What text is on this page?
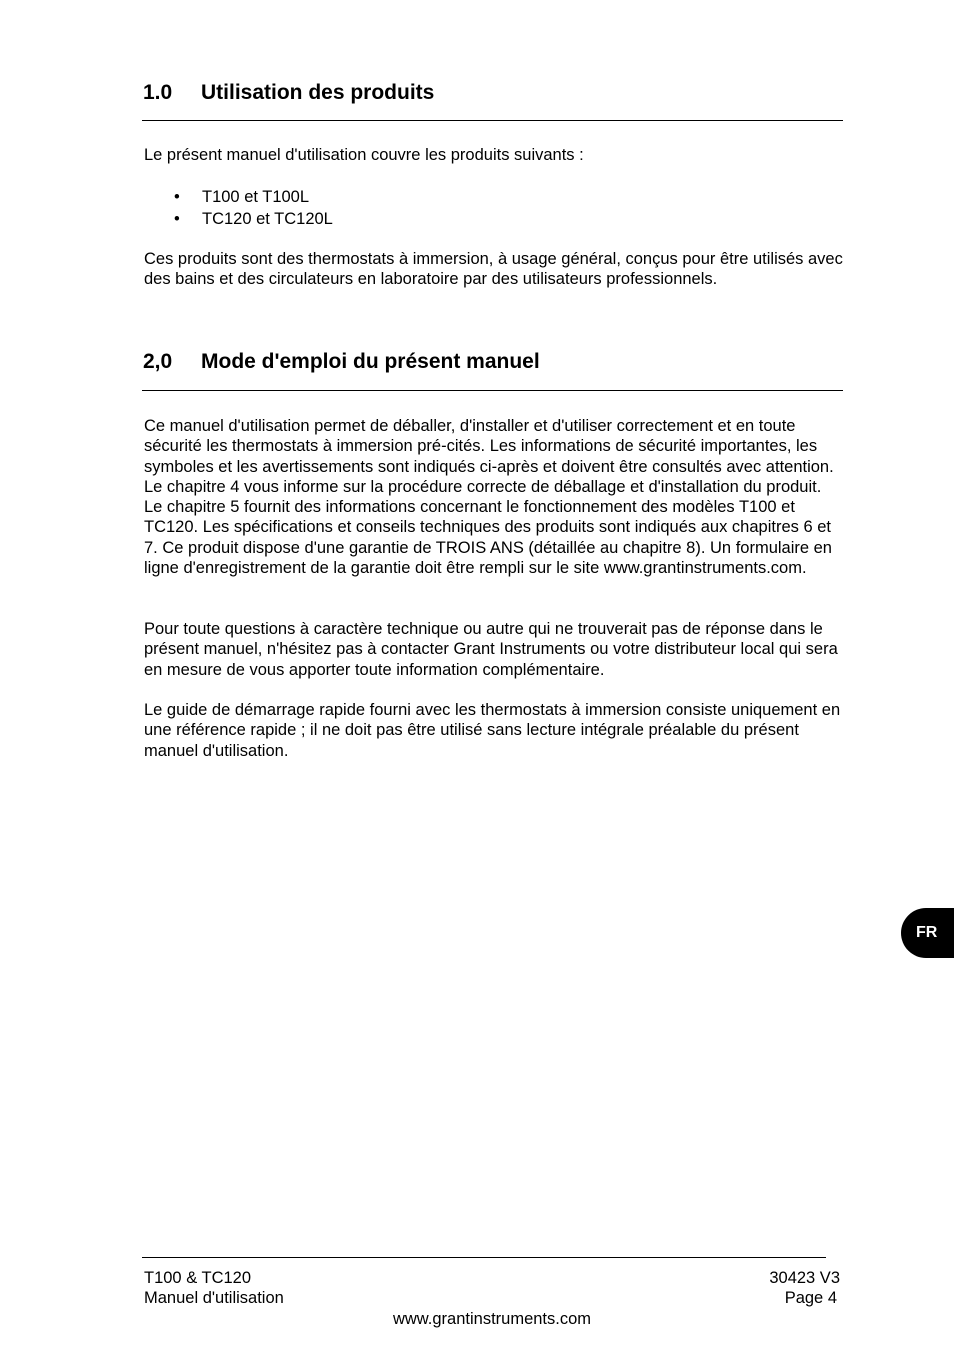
1.0 Utilisation des produits

Le présent manuel d'utilisation couvre les produits suivants :

• T100 et T100L
• TC120 et TC120L

Ces produits sont des thermostats à immersion, à usage général, conçus pour être utilisés avec des bains et des circulateurs en laboratoire par des utilisateurs professionnels.

2,0 Mode d'emploi du présent manuel

Ce manuel d'utilisation permet de déballer, d'installer et d'utiliser correctement et en toute sécurité les thermostats à immersion pré-cités. Les informations de sécurité importantes, les symboles et les avertissements sont indiqués ci-après et doivent être consultés avec attention. Le chapitre 4 vous informe sur la procédure correcte de déballage et d'installation du produit. Le chapitre 5 fournit des informations concernant le fonctionnement des modèles T100 et TC120. Les spécifications et conseils techniques des produits sont indiqués aux chapitres 6 et 7. Ce produit dispose d'une garantie de TROIS ANS (détaillée au chapitre 8). Un formulaire en ligne d'enregistrement de la garantie doit être rempli sur le site www.grantinstruments.com.

Pour toute questions à caractère technique ou autre qui ne trouverait pas de réponse dans le présent manuel, n'hésitez pas à contacter Grant Instruments ou votre distributeur local qui sera en mesure de vous apporter toute information complémentaire.

Le guide de démarrage rapide fourni avec les thermostats à immersion consiste uniquement en une référence rapide ; il ne doit pas être utilisé sans lecture intégrale préalable du présent manuel d'utilisation.

FR
T100 & TC120
Manuel d'utilisation
30423 V3
Page 4
www.grantinstruments.com
